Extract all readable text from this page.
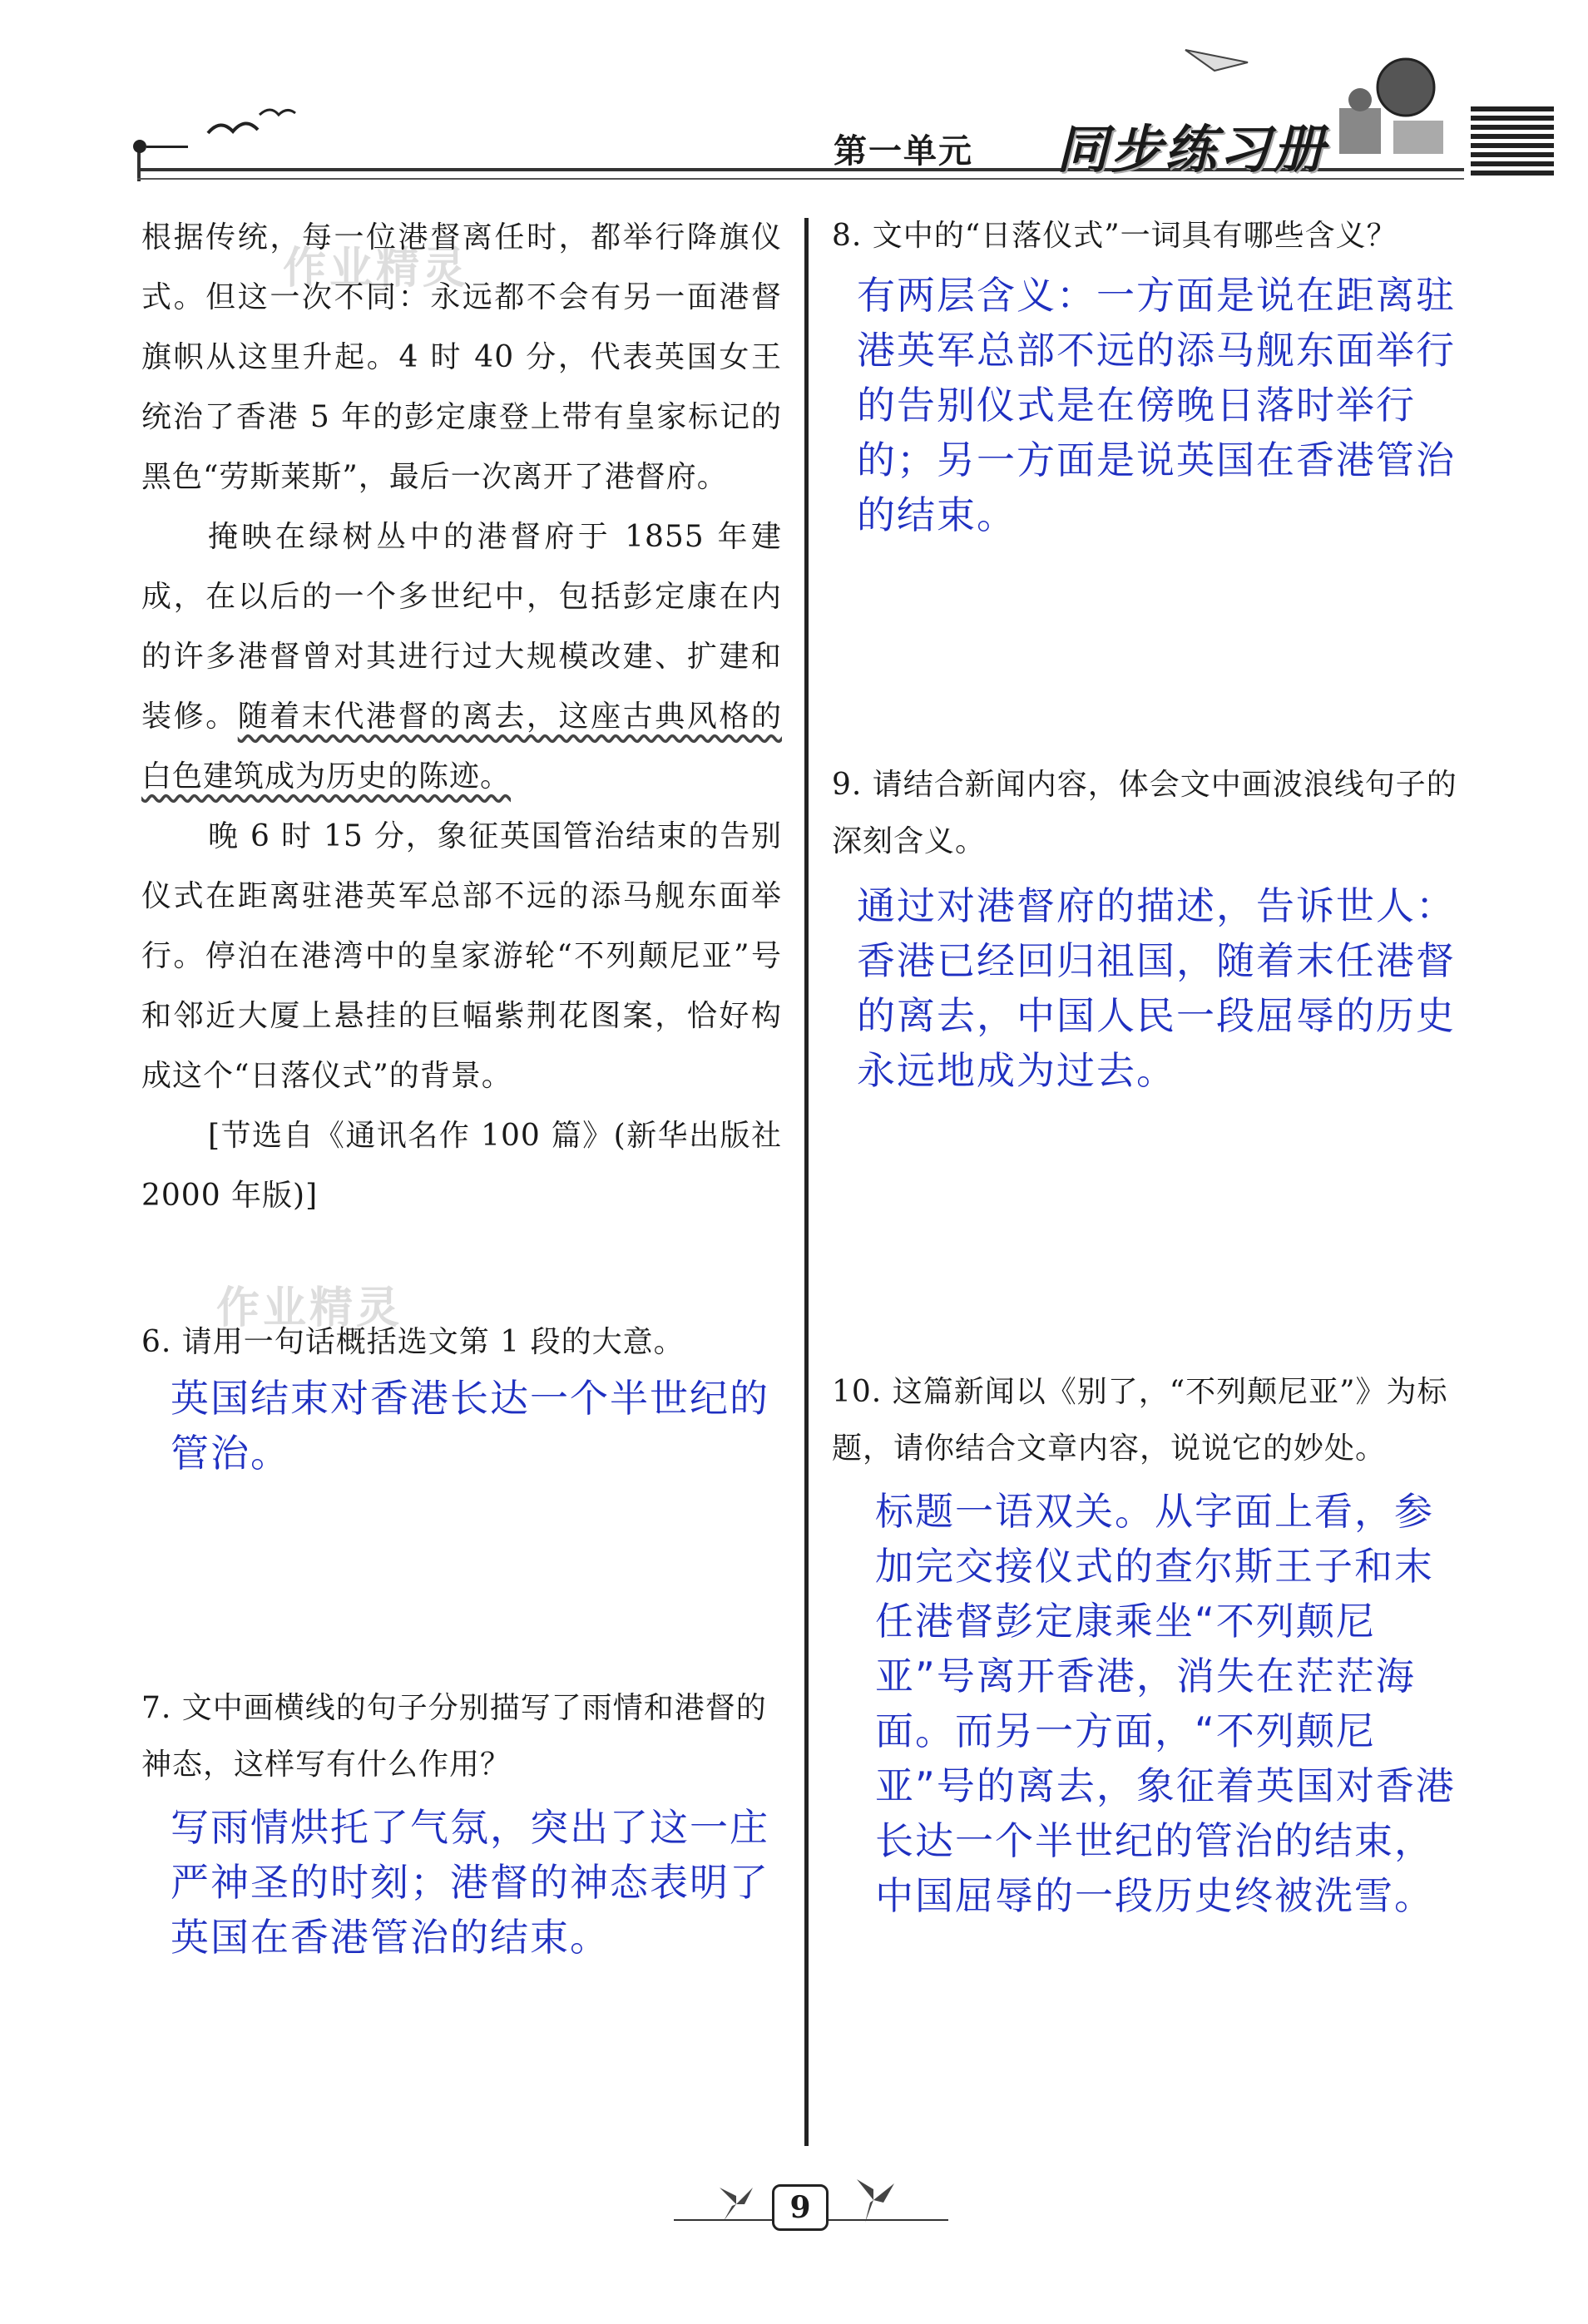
第一单元 同步练习册
作业精灵
作业精灵

根据传统，每一位港督离任时，都举行降旗仪式。但这一次不同：永远都不会有另一面港督旗帜从这里升起。4 时 40 分，代表英国女王统治了香港 5 年的彭定康登上带有皇家标记的黑色“劳斯莱斯”，最后一次离开了港督府。

掩映在绿树丛中的港督府于 1855 年建成，在以后的一个多世纪中，包括彭定康在内的许多港督曾对其进行过大规模改建、扩建和装修。随着末代港督的离去，这座古典风格的白色建筑成为历史的陈迹。

晚 6 时 15 分，象征英国管治结束的告别仪式在距离驻港英军总部不远的添马舰东面举行。停泊在港湾中的皇家游轮“不列颠尼亚”号和邻近大厦上悬挂的巨幅紫荆花图案，恰好构成这个“日落仪式”的背景。

[节选自《通讯名作 100 篇》(新华出版社 2000 年版)]

6. 请用一句话概括选文第 1 段的大意。

英国结束对香港长达一个半世纪的管治。

7. 文中画横线的句子分别描写了雨情和港督的神态，这样写有什么作用？

写雨情烘托了气氛，突出了这一庄严神圣的时刻；港督的神态表明了英国在香港管治的结束。

8. 文中的“日落仪式”一词具有哪些含义？

有两层含义：一方面是说在距离驻港英军总部不远的添马舰东面举行的告别仪式是在傍晚日落时举行的；另一方面是说英国在香港管治的结束。

9. 请结合新闻内容，体会文中画波浪线句子的深刻含义。

通过对港督府的描述，告诉世人：香港已经回归祖国，随着末任港督的离去，中国人民一段屈辱的历史永远地成为过去。

10. 这篇新闻以《别了，“不列颠尼亚”》为标题，请你结合文章内容，说说它的妙处。

标题一语双关。从字面上看，参加完交接仪式的查尔斯王子和末任港督彭定康乘坐“不列颠尼亚”号离开香港，消失在茫茫海面。而另一方面，“不列颠尼亚”号的离去，象征着英国对香港长达一个半世纪的管治的结束，中国屈辱的一段历史终被洗雪。

9
